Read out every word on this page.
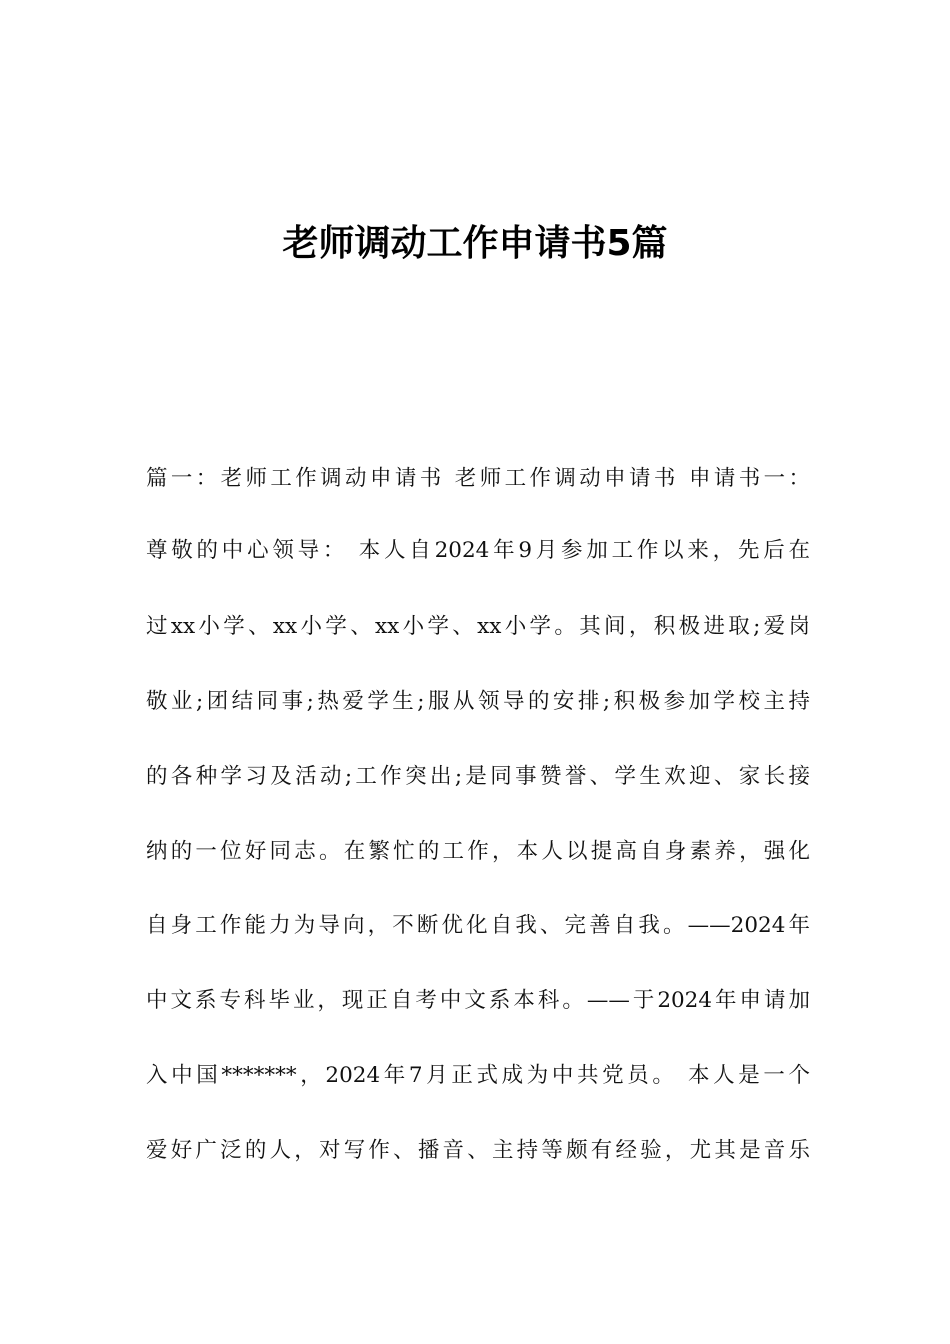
老师调动工作申请书5篇
篇一：老师工作调动申请书 老师工作调动申请书 申请书一：
尊敬的中心领导： 本人自2024年9月参加工作以来，先后在
过xx小学、xx小学、xx小学、xx小学。其间，积极进取;爱岗
敬业;团结同事;热爱学生;服从领导的安排;积极参加学校主持
的各种学习及活动;工作突出;是同事赞誉、学生欢迎、家长接
纳的一位好同志。在繁忙的工作，本人以提高自身素养，强化
自身工作能力为导向，不断优化自我、完善自我。——2024年
中文系专科毕业，现正自考中文系本科。——于2024年申请加
入中国*******，2024年7月正式成为中共党员。 本人是一个
爱好广泛的人，对写作、播音、主持等颇有经验，尤其是音乐
